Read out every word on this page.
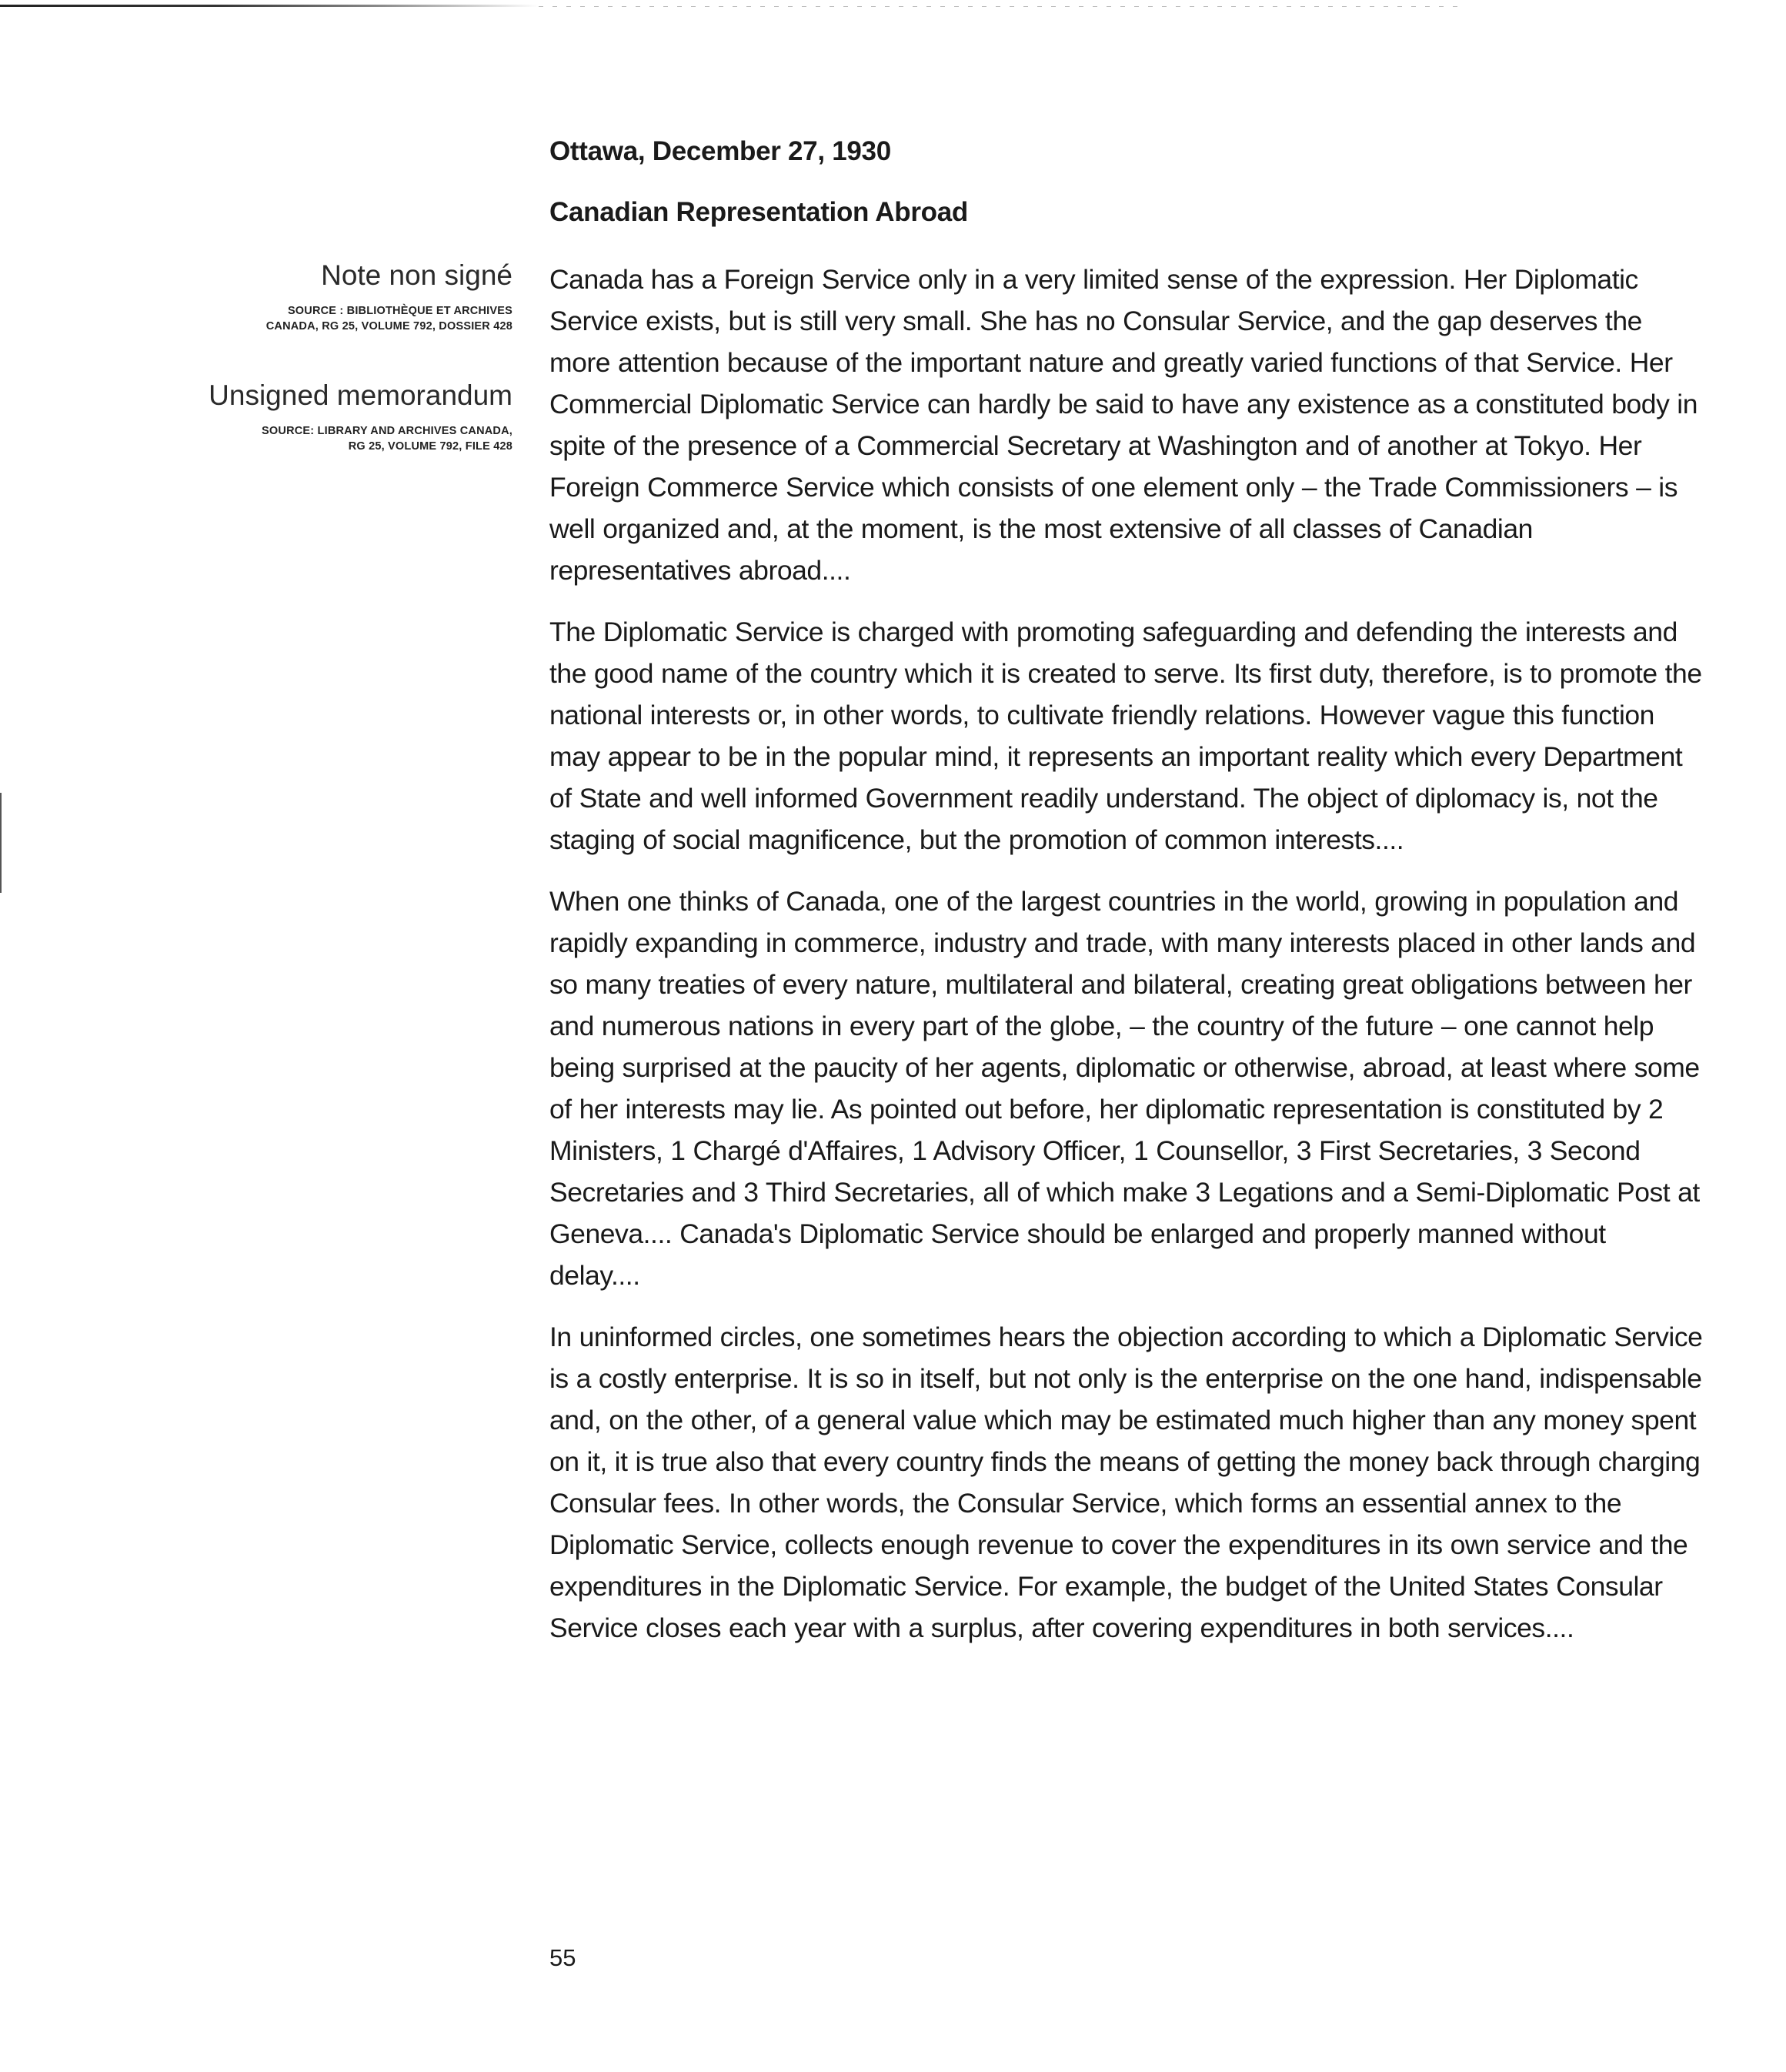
Ottawa, December 27, 1930
Canadian Representation Abroad
Note non signé
SOURCE : BIBLIOTHÈQUE ET ARCHIVES
CANADA, RG 25, VOLUME 792, DOSSIER 428
Unsigned memorandum
SOURCE: LIBRARY AND ARCHIVES CANADA,
RG 25, VOLUME 792, FILE 428

Canada has a Foreign Service only in a very limited sense of the expression. Her Diplomatic Service exists, but is still very small. She has no Consular Service, and the gap deserves the more attention because of the important nature and greatly varied functions of that Service. Her Commercial Diplomatic Service can hardly be said to have any existence as a constituted body in spite of the presence of a Commercial Secretary at Washington and of another at Tokyo. Her Foreign Commerce Service which consists of one element only – the Trade Commissioners – is well organized and, at the moment, is the most extensive of all classes of Canadian representatives abroad....

The Diplomatic Service is charged with promoting safeguarding and defending the interests and the good name of the country which it is created to serve. Its first duty, therefore, is to promote the national interests or, in other words, to cultivate friendly relations. However vague this function may appear to be in the popular mind, it represents an important reality which every Department of State and well informed Government readily understand. The object of diplomacy is, not the staging of social magnificence, but the promotion of common interests....

When one thinks of Canada, one of the largest countries in the world, growing in population and rapidly expanding in commerce, industry and trade, with many interests placed in other lands and so many treaties of every nature, multilateral and bilateral, creating great obligations between her and numerous nations in every part of the globe, – the country of the future – one cannot help being surprised at the paucity of her agents, diplomatic or otherwise, abroad, at least where some of her interests may lie. As pointed out before, her diplomatic representation is constituted by 2 Ministers, 1 Chargé d'Affaires, 1 Advisory Officer, 1 Counsellor, 3 First Secretaries, 3 Second Secretaries and 3 Third Secretaries, all of which make 3 Legations and a Semi-Diplomatic Post at Geneva.... Canada's Diplomatic Service should be enlarged and properly manned without delay....

In uninformed circles, one sometimes hears the objection according to which a Diplomatic Service is a costly enterprise. It is so in itself, but not only is the enterprise on the one hand, indispensable and, on the other, of a general value which may be estimated much higher than any money spent on it, it is true also that every country finds the means of getting the money back through charging Consular fees. In other words, the Consular Service, which forms an essential annex to the Diplomatic Service, collects enough revenue to cover the expenditures in its own service and the expenditures in the Diplomatic Service. For example, the budget of the United States Consular Service closes each year with a surplus, after covering expenditures in both services....

55
